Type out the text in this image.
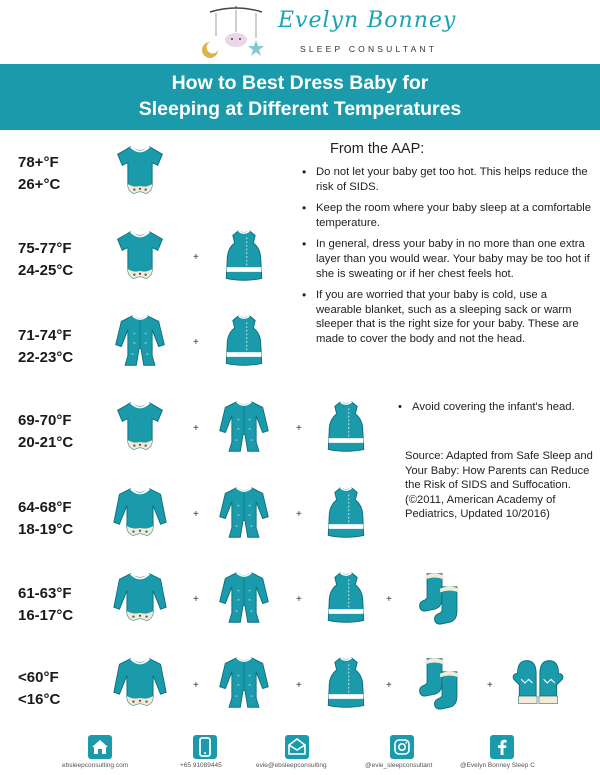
Evelyn Bonney
SLEEP CONSULTANT
How to Best Dress Baby for
Sleeping at Different Temperatures
78+°F
26+°C
75-77°F
24-25°C
+
71-74°F
22-23°C
+
69-70°F
20-21°C
+	+
64-68°F
18-19°C
+	+
61-63°F
16-17°C
+	+	+
<60°F
<16°C
+	+	+	+
From the AAP:
• Do not let your baby get too hot. This helps reduce the risk of SIDS.
• Keep the room where your baby sleep at a comfortable temperature.
• In general, dress your baby in no more than one extra layer than you would wear. Your baby may be too hot if she is sweating or if her chest feels hot.
• If you are worried that your baby is cold, use a wearable blanket, such as a sleeping sack or warm sleeper that is the right size for your baby. These are made to cover the body and not the head.
• Avoid covering the infant's head.
Source: Adapted from Safe Sleep and Your Baby: How Parents can Reduce the Risk of SIDS and Suffocation.(©2011, American Academy of Pediatrics, Updated 10/2016)
ebsleepconsulting.com	+65 91089445	evie@ebsleepconsulting	@evie_sleepconsultant	@Evelyn Bonney Sleep C
